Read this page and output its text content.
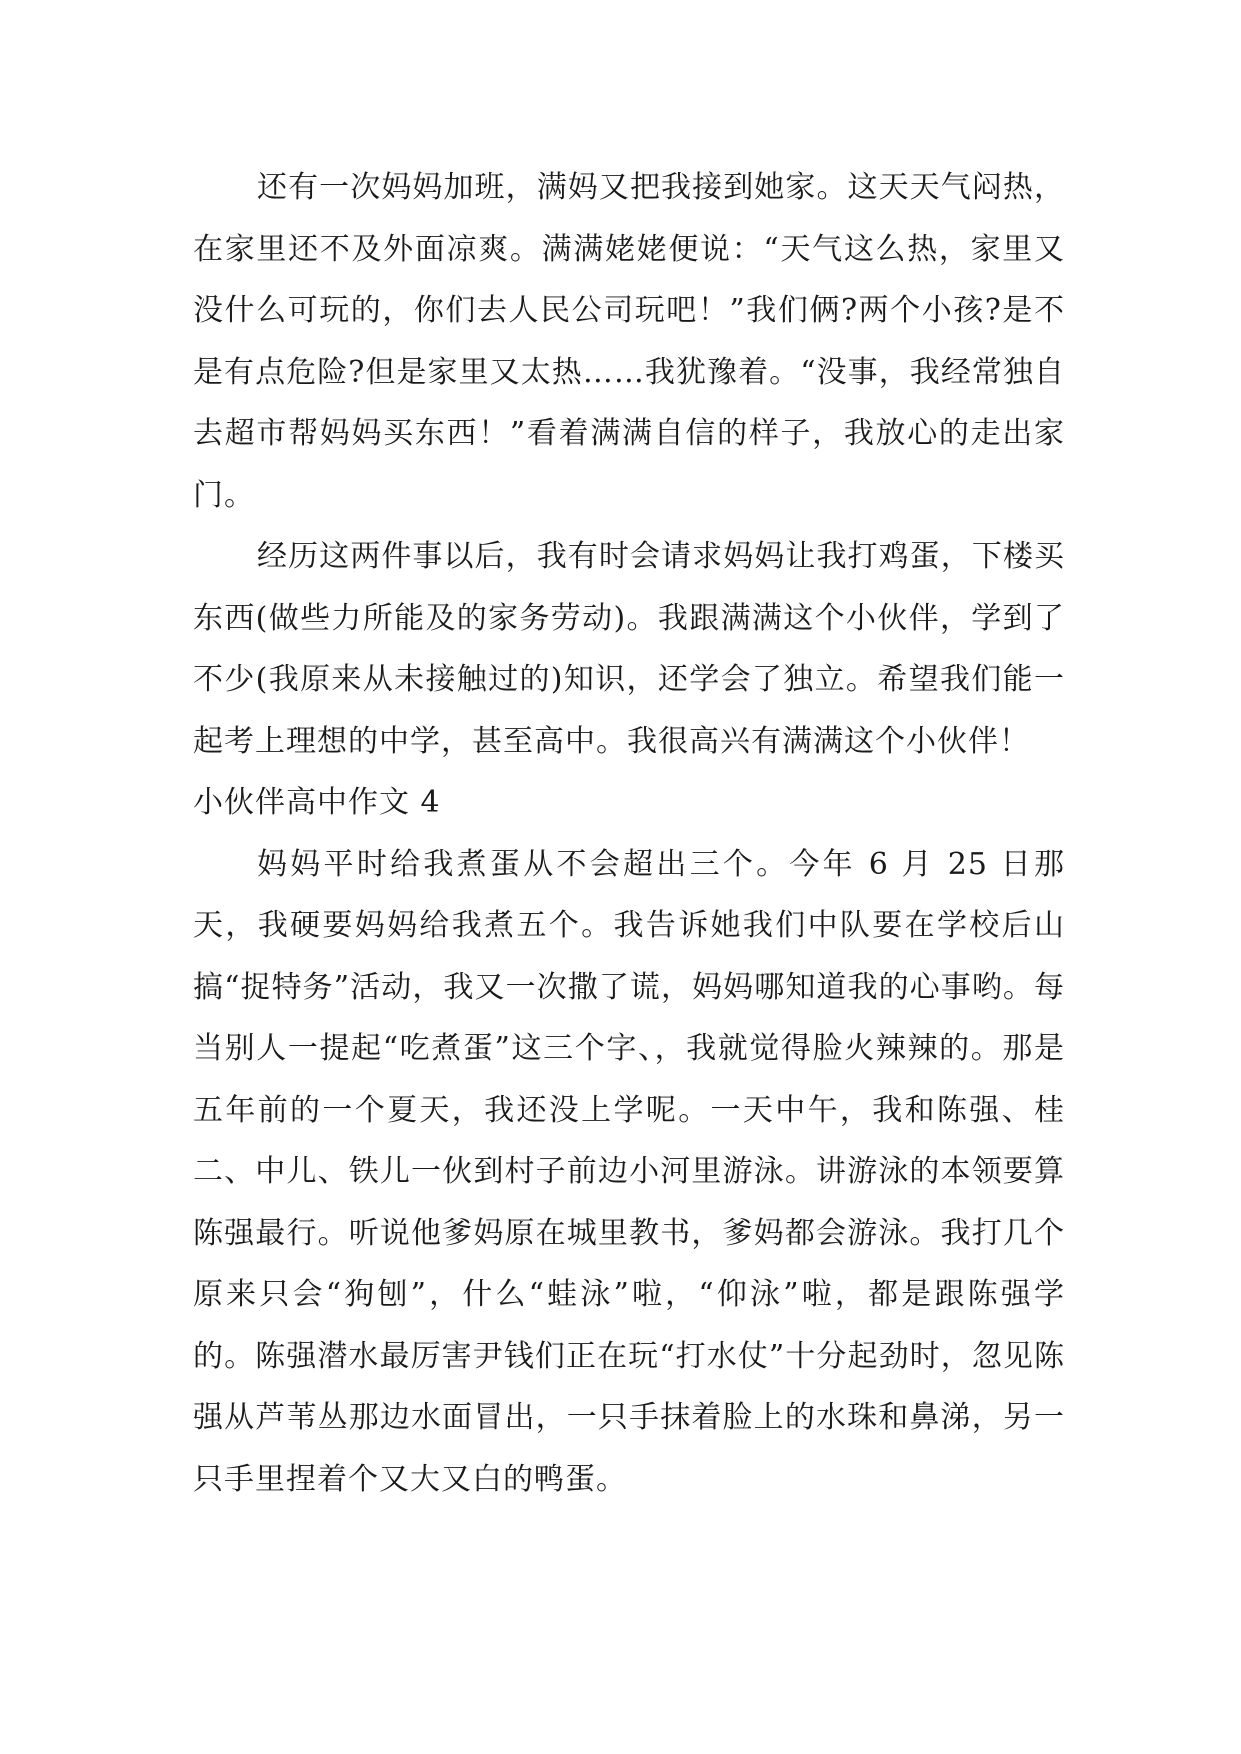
还有一次妈妈加班，满妈又把我接到她家。这天天气闷热，在家里还不及外面凉爽。满满姥姥便说：“天气这么热，家里又没什么可玩的，你们去人民公司玩吧！”我们俩?两个小孩?是不是有点危险?但是家里又太热……我犹豫着。“没事，我经常独自去超市帮妈妈买东西！”看着满满自信的样子，我放心的走出家门。

经历这两件事以后，我有时会请求妈妈让我打鸡蛋，下楼买东西(做些力所能及的家务劳动)。我跟满满这个小伙伴，学到了不少(我原来从未接触过的)知识，还学会了独立。希望我们能一起考上理想的中学，甚至高中。我很高兴有满满这个小伙伴！

小伙伴高中作文 4

妈妈平时给我煮蛋从不会超出三个。今年 6 月 25 日那天，我硬要妈妈给我煮五个。我告诉她我们中队要在学校后山搞“捉特务”活动，我又一次撒了谎，妈妈哪知道我的心事哟。每当别人一提起“吃煮蛋”这三个字、，我就觉得脸火辣辣的。那是五年前的一个夏天，我还没上学呢。一天中午，我和陈强、桂二、中儿、铁儿一伙到村子前边小河里游泳。讲游泳的本领要算陈强最行。听说他爹妈原在城里教书，爹妈都会游泳。我打几个原来只会“狗刨”，什么“蛙泳”啦，“仰泳”啦，都是跟陈强学的。陈强潜水最厉害尹钱们正在玩“打水仗”十分起劲时，忽见陈强从芦苇丛那边水面冒出，一只手抹着脸上的水珠和鼻涕，另一只手里捏着个又大又白的鸭蛋。
